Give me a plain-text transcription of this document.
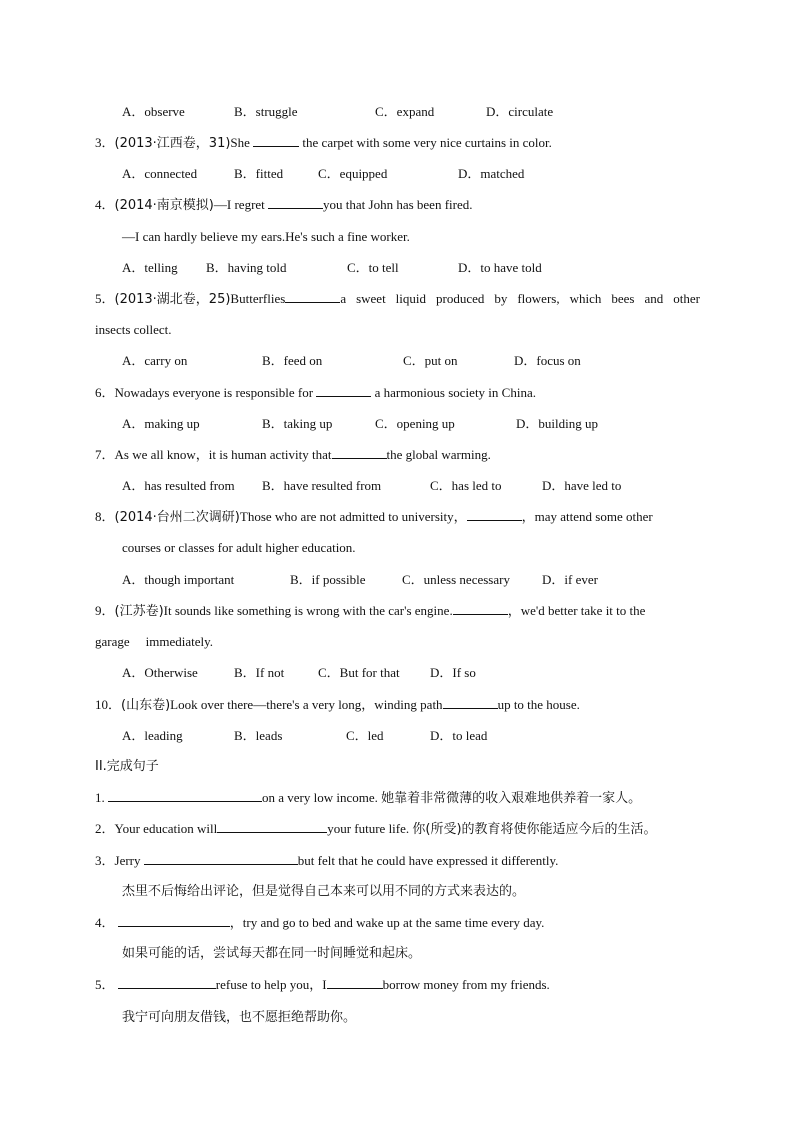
A．observe	B．struggle	C．expand	D．circulate
3．(2013·江西卷，31)She	the carpet with some very nice curtains in color.
A．connected	B．fitted	C．equipped	D．matched
4．(2014·南京模拟)—I regret	you that John has been fired.
—I can hardly believe my ears.He's such a fine worker.
A．telling B．having told	C．to tell	D．to have told
5．(2013·湖北卷，25)Butterflies	a sweet liquid produced by flowers, which bees and other
insects collect.
A．carry on	B．feed on	C．put on	D．focus on
6．Nowadays everyone is responsible for	a harmonious society in China.
A．making up	B．taking up	C．opening up	D．building up
7．As we all know，it is human activity that	the global warming.
A．has resulted from B．have resulted from	C．has led to	D．have led to
8．(2014·台州二次调研)Those who are not admitted to university，	，may attend some other
courses or classes for adult higher education.
A．though important	B．if possible	C．unless necessary D．if ever
9．(江苏卷)It sounds like something is wrong with the car's engine.	，we'd better take it to the
garage immediately.
A．Otherwise	B．If not	C．But for that D．If so
10．(山东卷)Look over there—there's a very long，winding path	up to the house.
A．leading	B．leads	C．led	D．to lead
II.完成句子
1.	on a very low income. 她靠着非常微薄的收入艰难地供养着一家人。
2．Your education will	your future life. 你(所受)的教育将使你能适应今后的生活。
3．Jerry	but felt that he could have expressed it differently.
杰里不后悔给出评论，但是觉得自己本来可以用不同的方式来表达的。
4．	，try and go to bed and wake up at the same time every day.
如果可能的话，尝试每天都在同一时间睡觉和起床。
5．	refuse to help you，I	borrow money from my friends.
我宁可向朋友借钱，也不愿拒绝帮助你。
